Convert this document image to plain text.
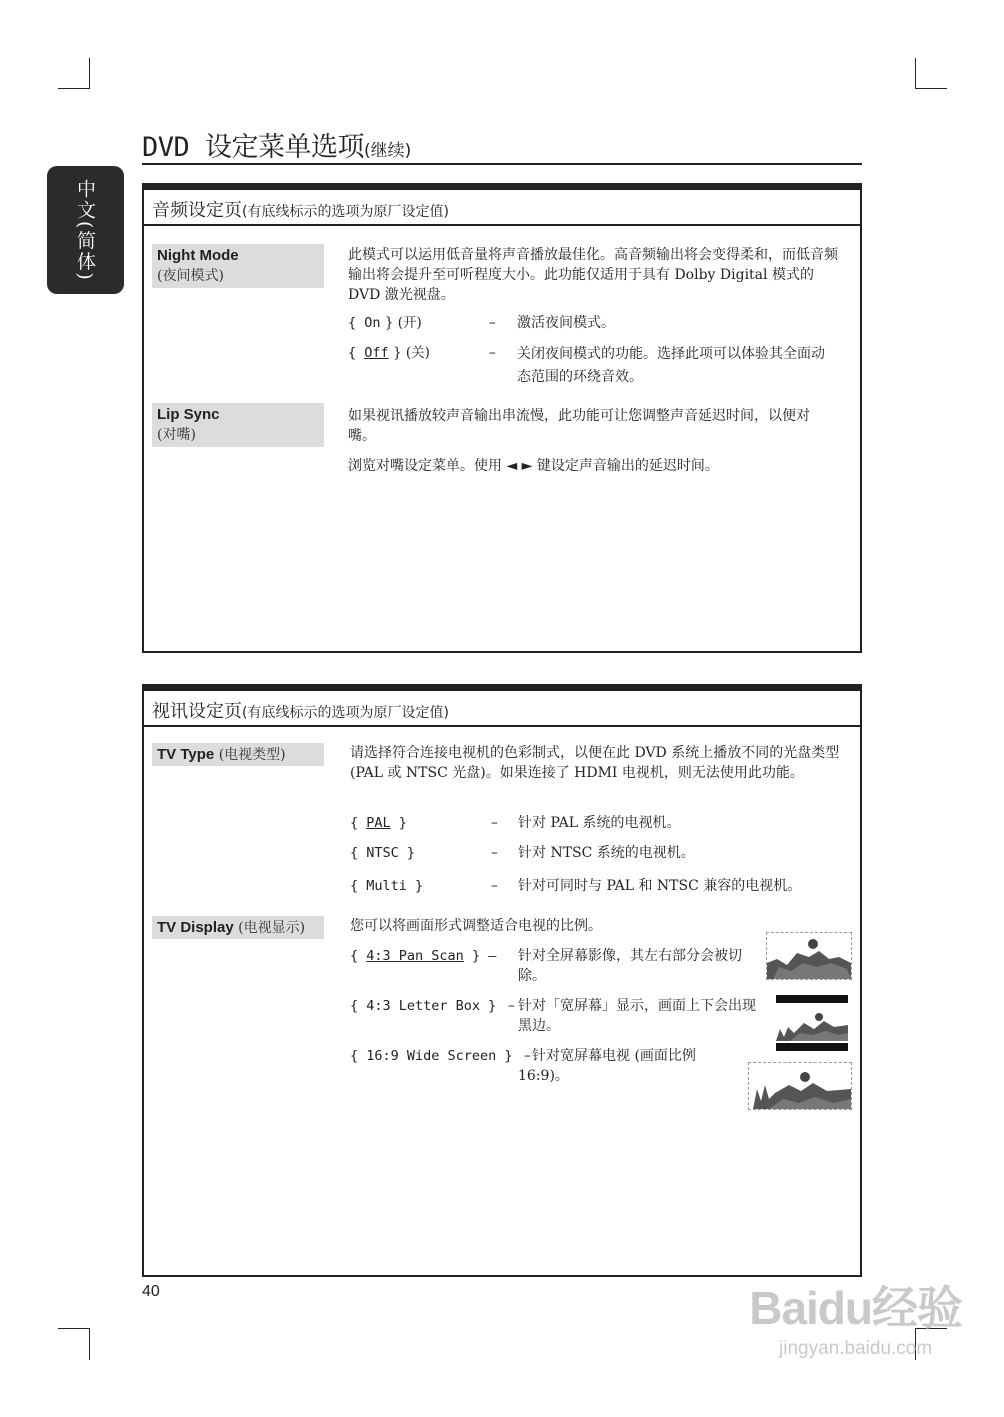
中文(简体)
DVD 设定菜单选项(继续)
音频设定页(有底线标示的选项为原厂设定值)
Night Mode
(夜间模式)
此模式可以运用低音量将声音播放最佳化。高音频输出将会变得柔和，而低音频输出将会提升至可听程度大小。此功能仅适用于具有 Dolby Digital 模式的 DVD 激光视盘。
{ On } (开)	– 激活夜间模式。
{ Off } (关)	– 关闭夜间模式的功能。选择此项可以体验其全面动态范围的环绕音效。
Lip Sync
(对嘴)
如果视讯播放较声音输出串流慢，此功能可让您调整声音延迟时间，以便对嘴。
浏览对嘴设定菜单。使用 ◄ ► 键设定声音输出的延迟时间。
视讯设定页(有底线标示的选项为原厂设定值)
TV Type (电视类型)	请选择符合连接电视机的色彩制式，以便在此 DVD 系统上播放不同的光盘类型 (PAL 或 NTSC 光盘)。如果连接了 HDMI 电视机，则无法使用此功能。
{ PAL }	– 针对 PAL 系统的电视机。
{ NTSC }	– 针对 NTSC 系统的电视机。
{ Multi }	– 针对可同时与 PAL 和 NTSC 兼容的电视机。
TV Display (电视显示)	您可以将画面形式调整适合电视的比例。
{ 4:3 Pan Scan } – 针对全屏幕影像，其左右部分会被切除。
{ 4:3 Letter Box } – 针对「宽屏幕」显示，画面上下会出现黑边。
{ 16:9 Wide Screen } – 针对宽屏幕电视 (画面比例 16:9)。
40	Baidu经验
jingyan.baidu.com
